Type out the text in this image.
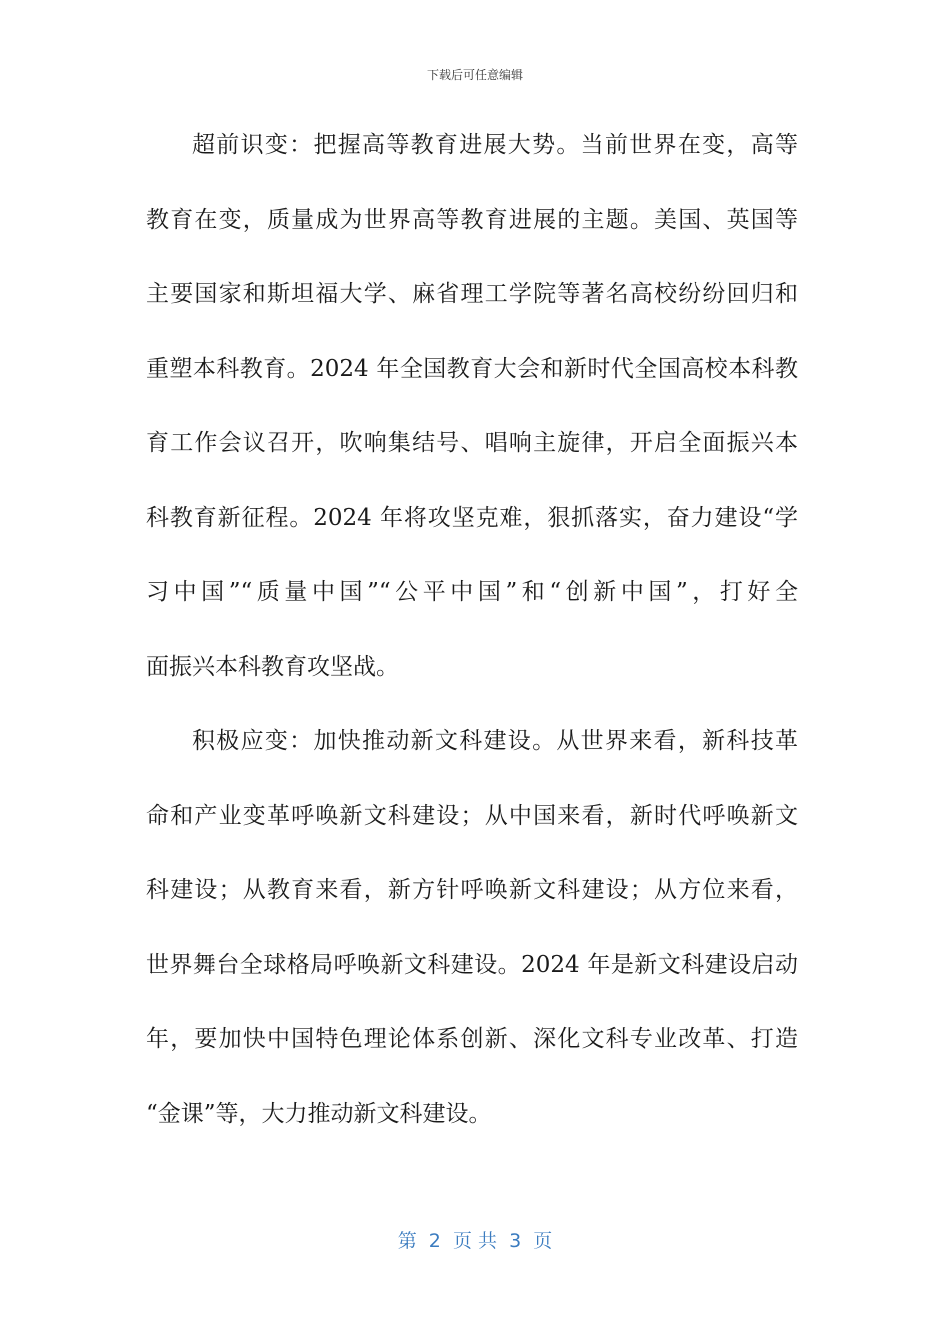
下载后可任意编辑
超前识变：把握高等教育进展大势。当前世界在变，高等
教育在变，质量成为世界高等教育进展的主题。美国、英国等
主要国家和斯坦福大学、麻省理工学院等著名高校纷纷回归和
重塑本科教育。2024 年全国教育大会和新时代全国高校本科教
育工作会议召开，吹响集结号、唱响主旋律，开启全面振兴本
科教育新征程。2024 年将攻坚克难，狠抓落实，奋力建设“学
习中国”“质量中国”“公平中国”和“创新中国”，打好全
面振兴本科教育攻坚战。
积极应变：加快推动新文科建设。从世界来看，新科技革
命和产业变革呼唤新文科建设；从中国来看，新时代呼唤新文
科建设；从教育来看，新方针呼唤新文科建设；从方位来看，
世界舞台全球格局呼唤新文科建设。2024 年是新文科建设启动
年，要加快中国特色理论体系创新、深化文科专业改革、打造
“金课”等，大力推动新文科建设。
第  2  页 共  3  页
